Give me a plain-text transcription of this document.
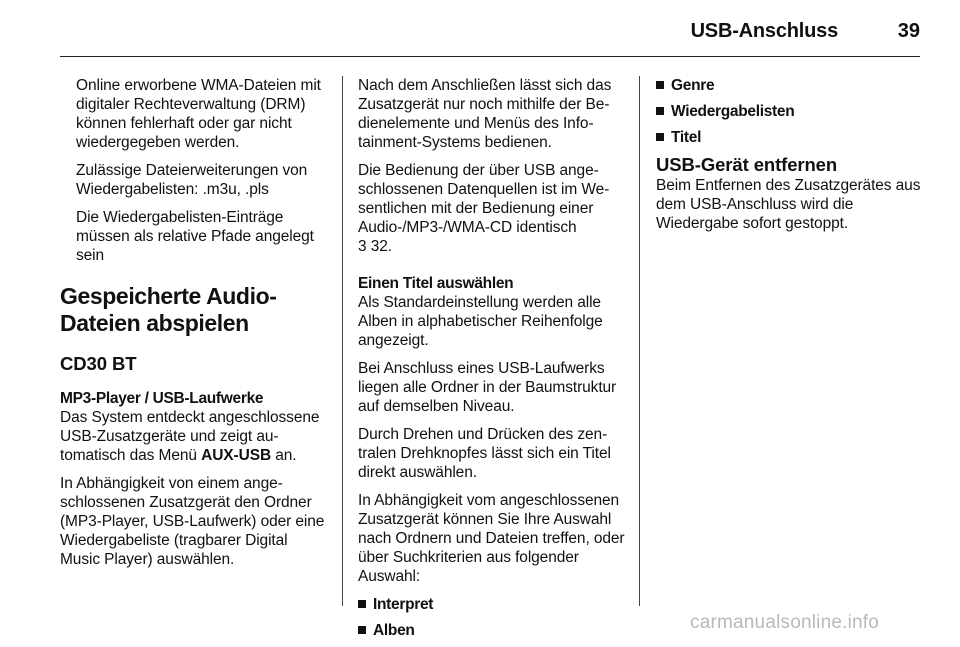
USB-Anschluss	39

Online erworbene WMA-Dateien mit digitaler Rechteverwaltung (DRM) können fehlerhaft oder gar nicht wiedergegeben werden.

Zulässige Dateierweiterungen von Wiedergabelisten: .m3u, .pls

Die Wiedergabelisten-Einträge müssen als relative Pfade angelegt sein

Gespeicherte Audio-
Dateien abspielen
CD30 BT
MP3-Player / USB-Laufwerke

Das System entdeckt angeschlossene USB-Zusatzgeräte und zeigt automatisch das Menü AUX-USB an.

In Abhängigkeit von einem angeschlossenen Zusatzgerät den Ordner (MP3-Player, USB-Laufwerk) oder eine Wiedergabeliste (tragbarer Digital Music Player) auswählen.

Nach dem Anschließen lässt sich das Zusatzgerät nur noch mithilfe der Bedienelemente und Menüs des Infotainment-Systems bedienen.

Die Bedienung der über USB angeschlossenen Datenquellen ist im Wesentlichen mit der Bedienung einer Audio-/MP3-/WMA-CD identisch
3 32.

Einen Titel auswählen

Als Standardeinstellung werden alle Alben in alphabetischer Reihenfolge angezeigt.

Bei Anschluss eines USB-Laufwerks liegen alle Ordner in der Baumstruktur auf demselben Niveau.

Durch Drehen und Drücken des zentralen Drehknopfes lässt sich ein Titel direkt auswählen.

In Abhängigkeit vom angeschlossenen Zusatzgerät können Sie Ihre Auswahl nach Ordnern und Dateien treffen, oder über Suchkriterien aus folgender Auswahl:

Interpret
Alben
Genre
Wiedergabelisten
Titel
USB-Gerät entfernen

Beim Entfernen des Zusatzgerätes aus dem USB-Anschluss wird die Wiedergabe sofort gestoppt.

carmanualsonline.info
